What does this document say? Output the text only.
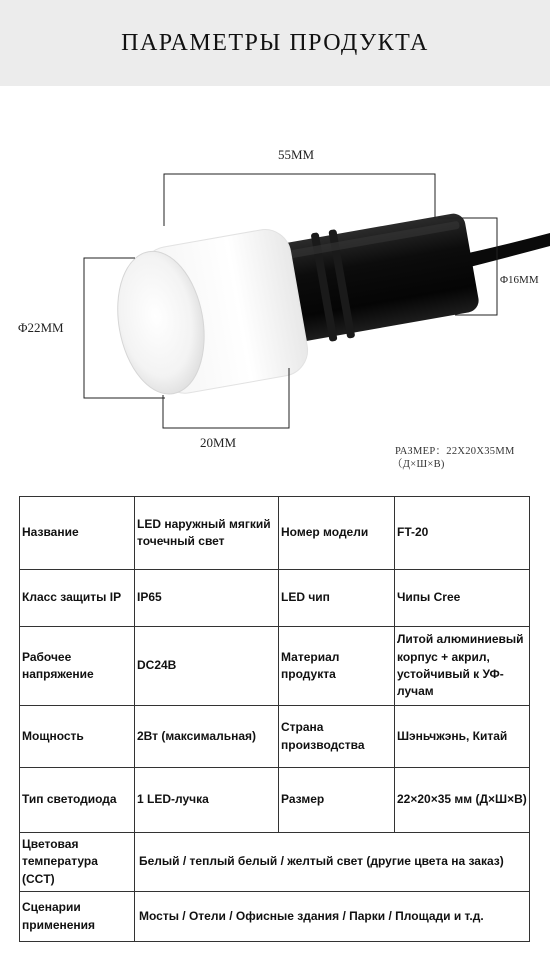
ПАРАМЕТРЫ ПРОДУКТА
55MM
Φ22MM
Φ16MM
20MM
РАЗМЕР：22X20X35MM
（Д×Ш×В)
Название	LED наружный мягкий точечный свет	Номер модели	FT-20
Класс защиты IP	IP65	LED чип	Чипы Cree
Рабочее напряжение	DC24В	Материал продукта	Литой алюминиевый корпус + акрил, устойчивый к УФ-лучам
Мощность	2Вт (максимальная)	Страна производства	Шэньчжэнь, Китай
Тип светодиода	1 LED-лучка	Размер	22×20×35 мм (Д×Ш×В)
Цветовая температура (CCT)	Белый / теплый белый / желтый свет (другие цвета на заказ)		
Сценарии применения	Мосты / Отели / Офисные здания / Парки / Площади и т.д.		
